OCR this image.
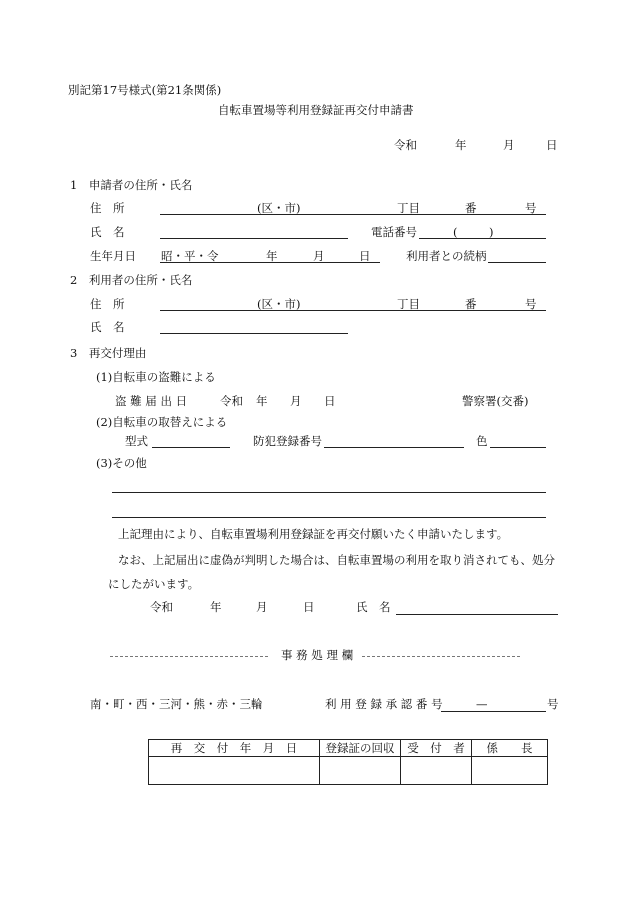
別記第17号様式(第21条関係)
自転車置場等利用登録証再交付申請書
令和	年	月	日
1　申請者の住所・氏名
住　所	(区・市)	丁目	番	号
氏　名	電話番号	(	)
生年月日 昭・平・令	年	月	日	利用者との続柄
2　利用者の住所・氏名
住　所	(区・市)	丁目	番	号
氏　名
3　再交付理由
(1)自転車の盗難による
盗 難 届 出 日	令和 年 月 日	警察署(交番)
(2)自転車の取替えによる
型式	防犯登録番号	色
(3)その他
上記理由により、自転車置場利用登録証を再交付願いたく申請いたします。
なお、上記届出に虚偽が判明した場合は、自転車置場の利用を取り消されても、処分
にしたがいます。
令和	年	月	日	氏　名
事 務 処 理 欄
南・町・西・三河・熊・赤・三輪	利 用 登 録 承 認 番 号	—	号
再　交　付　年　月　日	登録証の回収	受　付　者	係　　長
